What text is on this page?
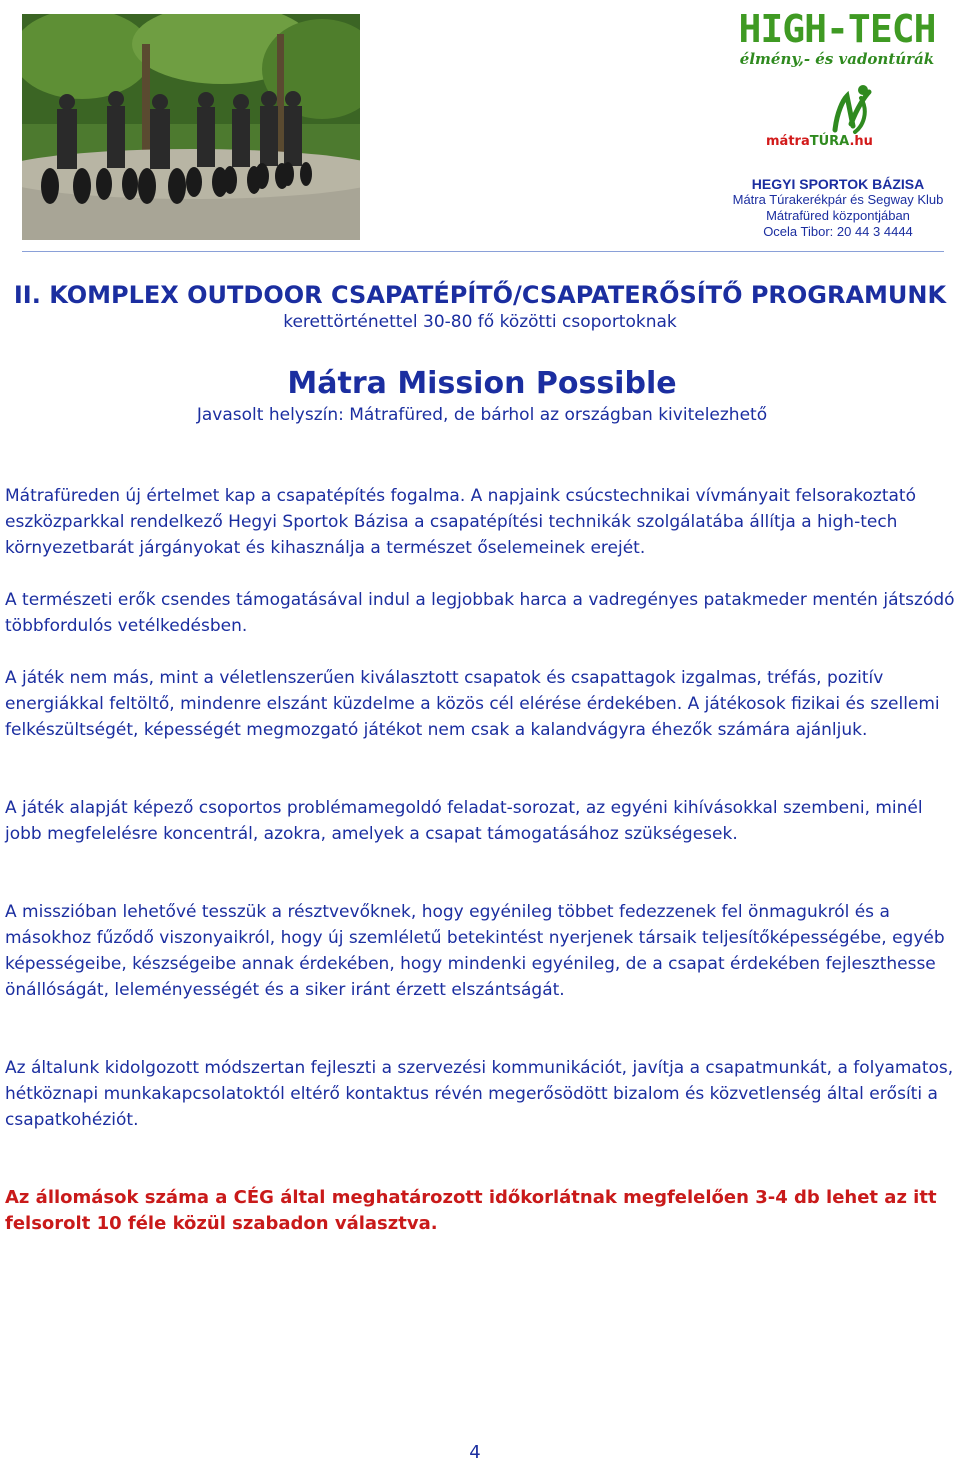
HIGH-TECH

élmény,- és vadontúrák

mátraTÚRA.hu
HEGYI SPORTOK BÁZISA
Mátra Túrakerékpár és Segway Klub
Mátrafüred központjában
Ocela Tibor: 20 44 3 4444

II. KOMPLEX OUTDOOR CSAPATÉPÍTŐ/CSAPATERŐSÍTŐ PROGRAMUNK

kerettörténettel 30-80 fő közötti csoportoknak

Mátra Mission Possible

Javasolt helyszín: Mátrafüred, de bárhol az országban kivitelezhető

Mátrafüreden új értelmet kap a csapatépítés fogalma. A napjaink csúcstechnikai vívmányait felsorakoztató eszközparkkal rendelkező Hegyi Sportok Bázisa a csapatépítési technikák szolgálatába állítja a high-tech környezetbarát járgányokat és kihasználja a természet őselemeinek erejét.

A természeti erők csendes támogatásával indul a legjobbak harca a vadregényes patakmeder mentén játszódó többfordulós vetélkedésben.

A játék nem más, mint a véletlenszerűen kiválasztott csapatok és csapattagok izgalmas, tréfás, pozitív energiákkal feltöltő, mindenre elszánt küzdelme a közös cél elérése érdekében. A játékosok fizikai és szellemi felkészültségét, képességét megmozgató játékot nem csak a kalandvágyra éhezők számára ajánljuk.

A játék alapját képező csoportos problémamegoldó feladat-sorozat, az egyéni kihívásokkal szembeni, minél jobb megfelelésre koncentrál, azokra, amelyek a csapat támogatásához szükségesek.

A misszióban lehetővé tesszük a résztvevőknek, hogy egyénileg többet fedezzenek fel önmagukról és a másokhoz fűződő viszonyaikról, hogy új szemléletű betekintést nyerjenek társaik teljesítőképességébe, egyéb képességeibe, készségeibe annak érdekében, hogy mindenki egyénileg, de a csapat érdekében fejleszthesse önállóságát, leleményességét és a siker iránt érzett elszántságát.

Az általunk kidolgozott módszertan fejleszti a szervezési kommunikációt, javítja a csapatmunkát, a folyamatos, hétköznapi munkakapcsolatoktól eltérő kontaktus révén megerősödött bizalom és közvetlenség által erősíti a csapatkohéziót.

Az állomások száma a CÉG által meghatározott időkorlátnak megfelelően 3-4 db lehet az itt felsorolt 10 féle közül szabadon választva.

4
